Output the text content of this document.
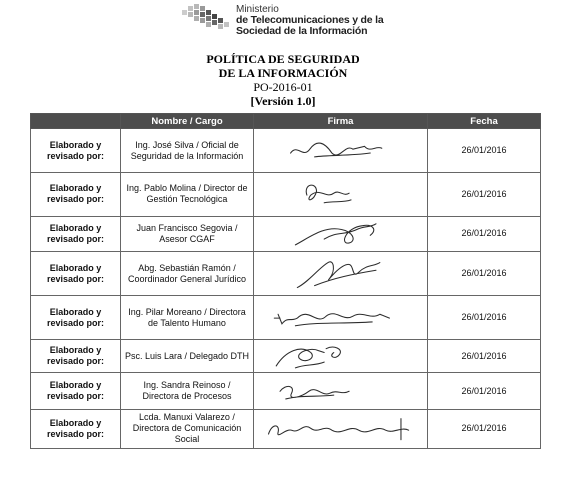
Ministerio
de Telecomunicaciones y de la
Sociedad de la Información
POLÍTICA DE SEGURIDAD
DE LA INFORMACIÓN
PO-2016-01
[Versión 1.0]
	Nombre / Cargo	Firma	Fecha
Elaborado y revisado por:	Ing. José Silva / Oficial de Seguridad de la Información		26/01/2016
Elaborado y revisado por:	Ing. Pablo Molina / Director de Gestión Tecnológica		26/01/2016
Elaborado y revisado por:	Juan Francisco Segovia / Asesor CGAF		26/01/2016
Elaborado y revisado por:	Abg. Sebastián Ramón / Coordinador General Jurídico		26/01/2016
Elaborado y revisado por:	Ing. Pilar Moreano / Directora de Talento Humano		26/01/2016
Elaborado y revisado por:	Psc. Luis Lara / Delegado DTH		26/01/2016
Elaborado y revisado por:	Ing. Sandra Reinoso / Directora de Procesos		26/01/2016
Elaborado y revisado por:	Lcda. Manuxi Valarezo / Directora de Comunicación Social		26/01/2016
